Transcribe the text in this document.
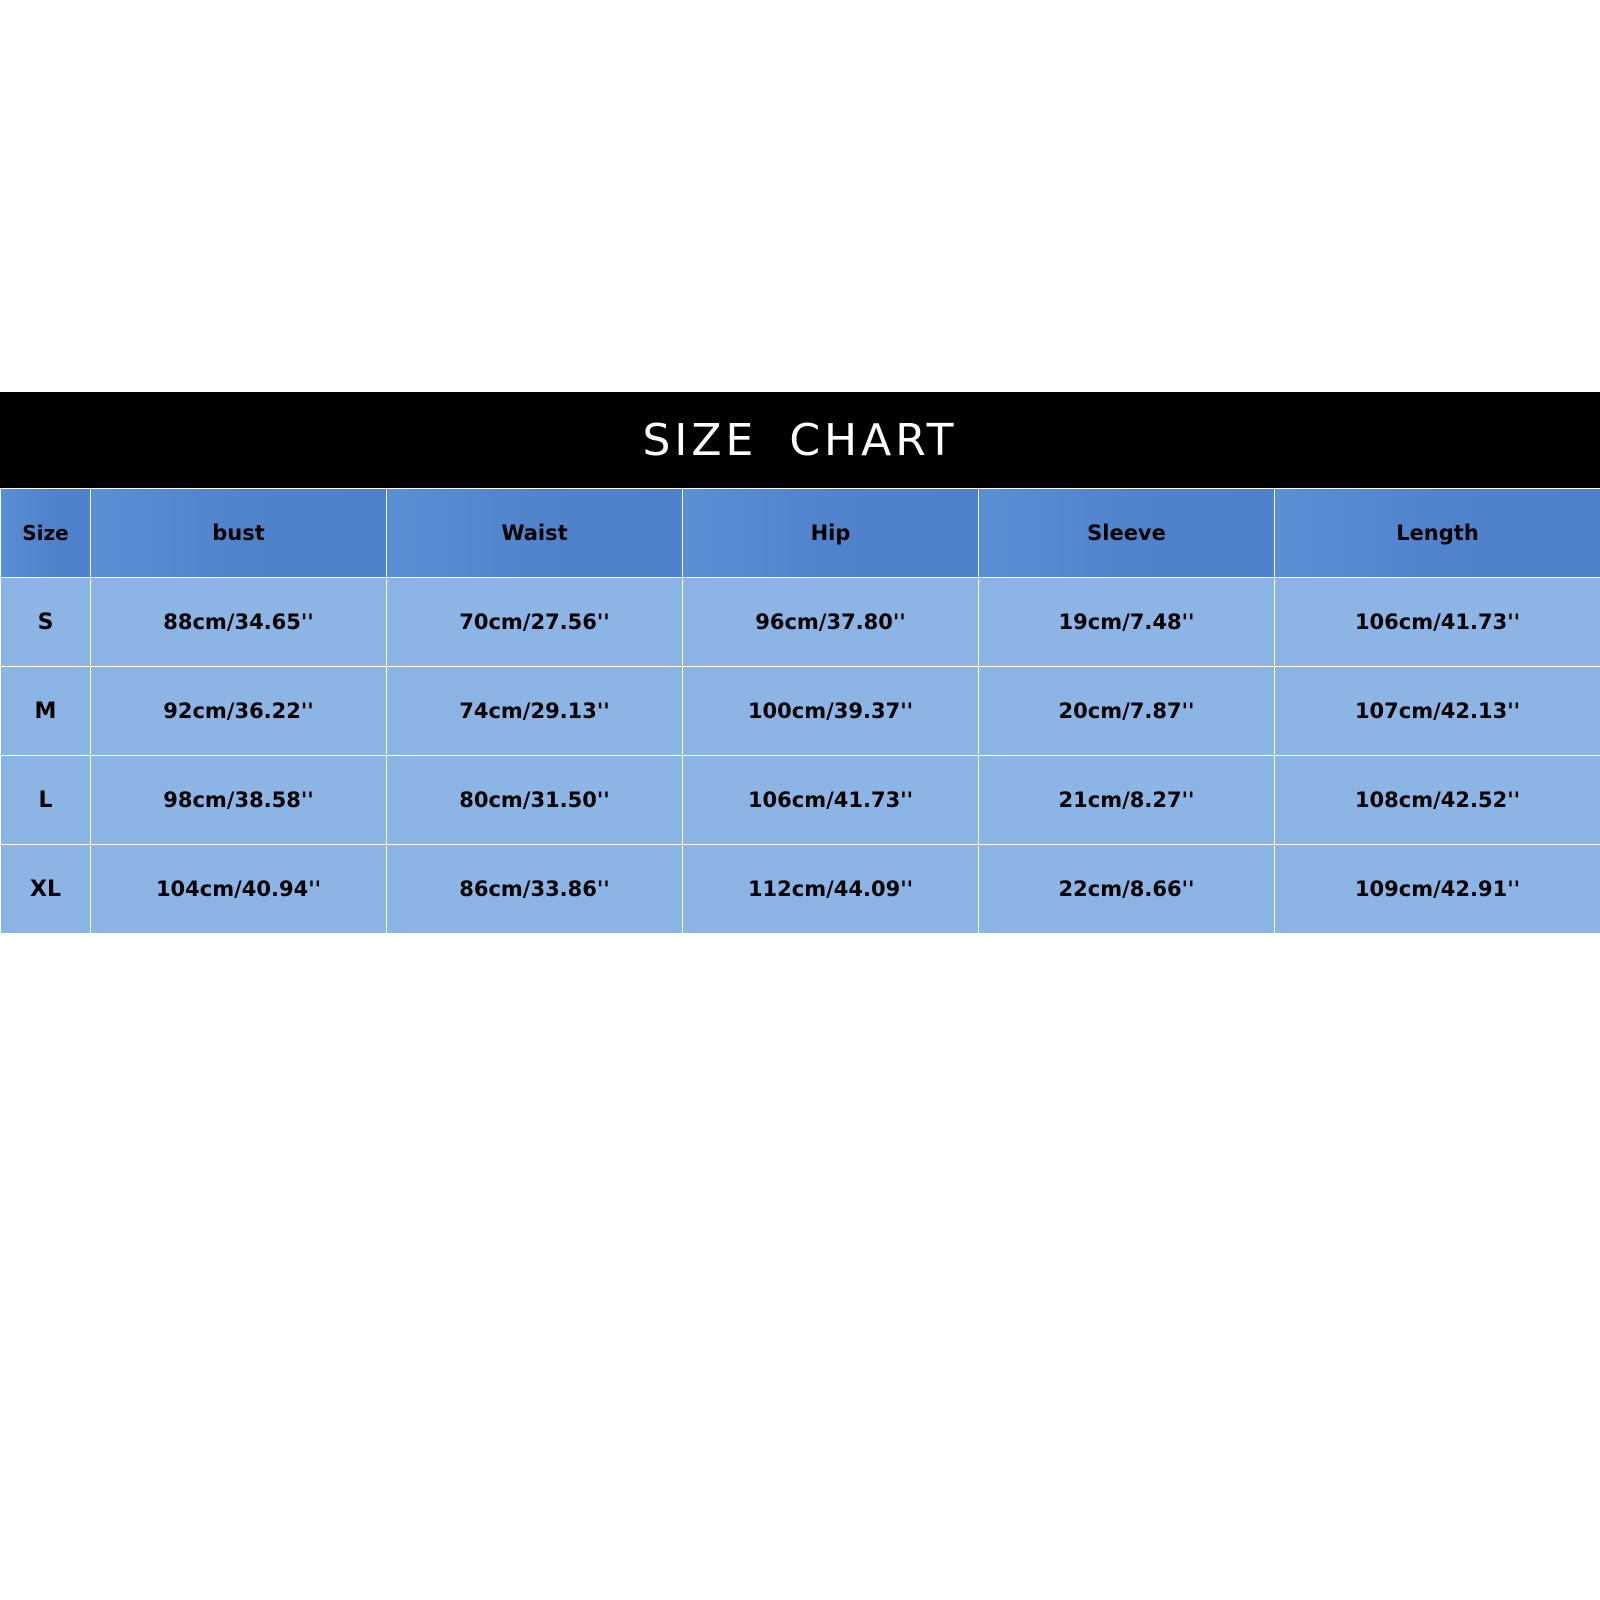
SIZE CHART
Size	bust	Waist	Hip	Sleeve	Length
S	88cm/34.65''	70cm/27.56''	96cm/37.80''	19cm/7.48''	106cm/41.73''
M	92cm/36.22''	74cm/29.13''	100cm/39.37''	20cm/7.87''	107cm/42.13''
L	98cm/38.58''	80cm/31.50''	106cm/41.73''	21cm/8.27''	108cm/42.52''
XL	104cm/40.94''	86cm/33.86''	112cm/44.09''	22cm/8.66''	109cm/42.91''
